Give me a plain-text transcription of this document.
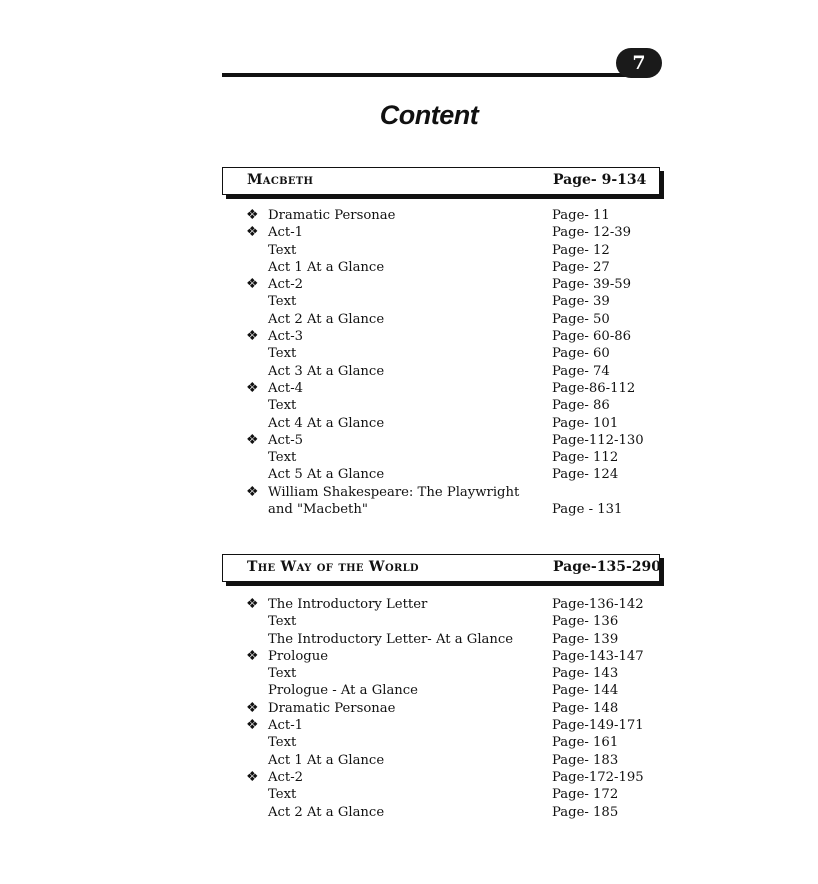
7
Content
Macbeth	Page- 9-134
❖ Dramatic Personae	Page- 11
❖ Act-1	Page- 12-39
Text	Page- 12
Act 1 At a Glance	Page- 27
❖ Act-2	Page- 39-59
Text	Page- 39
Act 2 At a Glance	Page- 50
❖ Act-3	Page- 60-86
Text	Page- 60
Act 3 At a Glance	Page- 74
❖ Act-4	Page-86-112
Text	Page- 86
Act 4 At a Glance	Page- 101
❖ Act-5	Page-112-130
Text	Page- 112
Act 5 At a Glance	Page- 124
❖ William Shakespeare: The Playwright
and "Macbeth"	Page - 131
The Way of the World	Page-135-290
❖ The Introductory Letter	Page-136-142
Text	Page- 136
The Introductory Letter- At a Glance	Page- 139
❖ Prologue	Page-143-147
Text	Page- 143
Prologue - At a Glance	Page- 144
❖ Dramatic Personae	Page- 148
❖ Act-1	Page-149-171
Text	Page- 161
Act 1 At a Glance	Page- 183
❖ Act-2	Page-172-195
Text	Page- 172
Act 2 At a Glance	Page- 185
